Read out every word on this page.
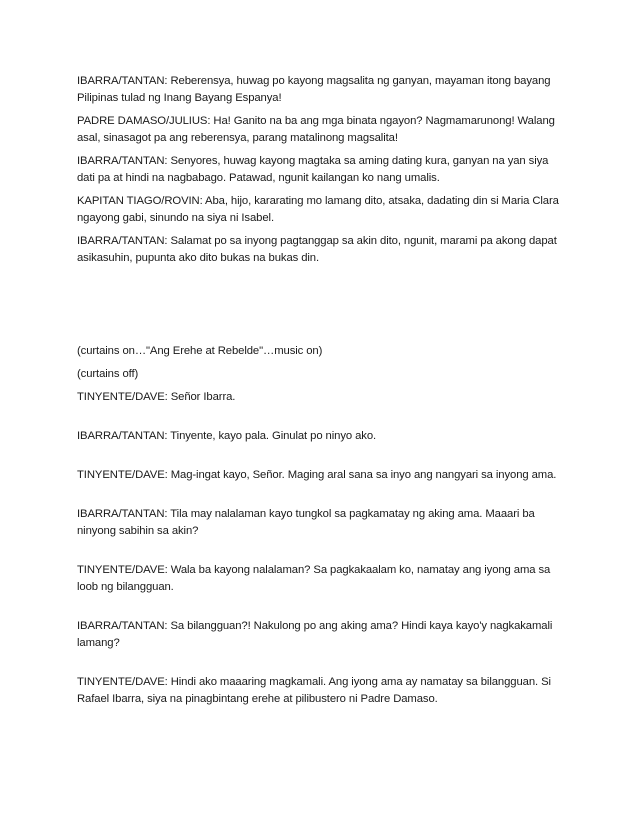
IBARRA/TANTAN: Reberensya, huwag po kayong magsalita ng ganyan, mayaman itong bayang Pilipinas tulad ng Inang Bayang Espanya!

PADRE DAMASO/JULIUS: Ha! Ganito na ba ang mga binata ngayon? Nagmamarunong! Walang asal, sinasagot pa ang reberensya, parang matalinong magsalita!

IBARRA/TANTAN: Senyores, huwag kayong magtaka sa aming dating kura, ganyan na yan siya dati pa at hindi na nagbabago. Patawad, ngunit kailangan ko nang umalis.

KAPITAN TIAGO/ROVIN: Aba, hijo, kararating mo lamang dito, atsaka, dadating din si Maria Clara ngayong gabi, sinundo na siya ni Isabel.

IBARRA/TANTAN: Salamat po sa inyong pagtanggap sa akin dito, ngunit, marami pa akong dapat asikasuhin, pupunta ako dito bukas na bukas din.

(curtains on…"Ang Erehe at Rebelde"…music on)

(curtains off)

TINYENTE/DAVE: Señor Ibarra.

IBARRA/TANTAN: Tinyente, kayo pala. Ginulat po ninyo ako.

TINYENTE/DAVE: Mag-ingat kayo, Señor. Maging aral sana sa inyo ang nangyari sa inyong ama.

IBARRA/TANTAN: Tila may nalalaman kayo tungkol sa pagkamatay ng aking ama. Maaari ba ninyong sabihin sa akin?

TINYENTE/DAVE: Wala ba kayong nalalaman? Sa pagkakaalam ko, namatay ang iyong ama sa loob ng bilangguan.

IBARRA/TANTAN: Sa bilangguan?! Nakulong po ang aking ama? Hindi kaya kayo'y nagkakamali lamang?

TINYENTE/DAVE: Hindi ako maaaring magkamali. Ang iyong ama ay namatay sa bilangguan. Si Rafael Ibarra, siya na pinagbintang erehe at pilibustero ni Padre Damaso.
